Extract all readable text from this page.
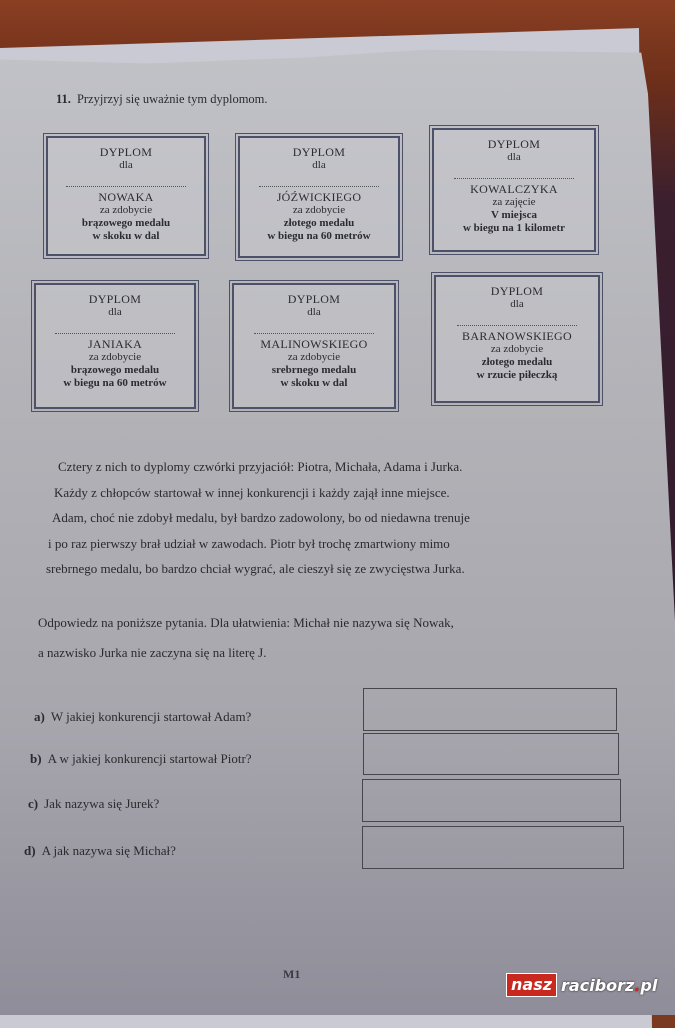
11. Przyjrzyj się uważnie tym dyplomom.
DYPLOM
dla
NOWAKA
za zdobycie
brązowego medalu
w skoku w dal
DYPLOM
dla
JÓŹWICKIEGO
za zdobycie
złotego medalu
w biegu na 60 metrów
DYPLOM
dla
KOWALCZYKA
za zajęcie
V miejsca
w biegu na 1 kilometr
DYPLOM
dla
JANIAKA
za zdobycie
brązowego medalu
w biegu na 60 metrów
DYPLOM
dla
MALINOWSKIEGO
za zdobycie
srebrnego medalu
w skoku w dal
DYPLOM
dla
BARANOWSKIEGO
za zdobycie
złotego medalu
w rzucie piłeczką

Cztery z nich to dyplomy czwórki przyjaciół: Piotra, Michała, Adama i Jurka.

Każdy z chłopców startował w innej konkurencji i każdy zajął inne miejsce.

Adam, choć nie zdobył medalu, był bardzo zadowolony, bo od niedawna trenuje

i po raz pierwszy brał udział w zawodach. Piotr był trochę zmartwiony mimo

srebrnego medalu, bo bardzo chciał wygrać, ale cieszył się ze zwycięstwa Jurka.

Odpowiedz na poniższe pytania. Dla ułatwienia: Michał nie nazywa się Nowak,

a nazwisko Jurka nie zaczyna się na literę J.

a) W jakiej konkurencji startował Adam?
b) A w jakiej konkurencji startował Piotr?
c) Jak nazywa się Jurek?
d) A jak nazywa się Michał?
M1
nasz raciborz.pl
